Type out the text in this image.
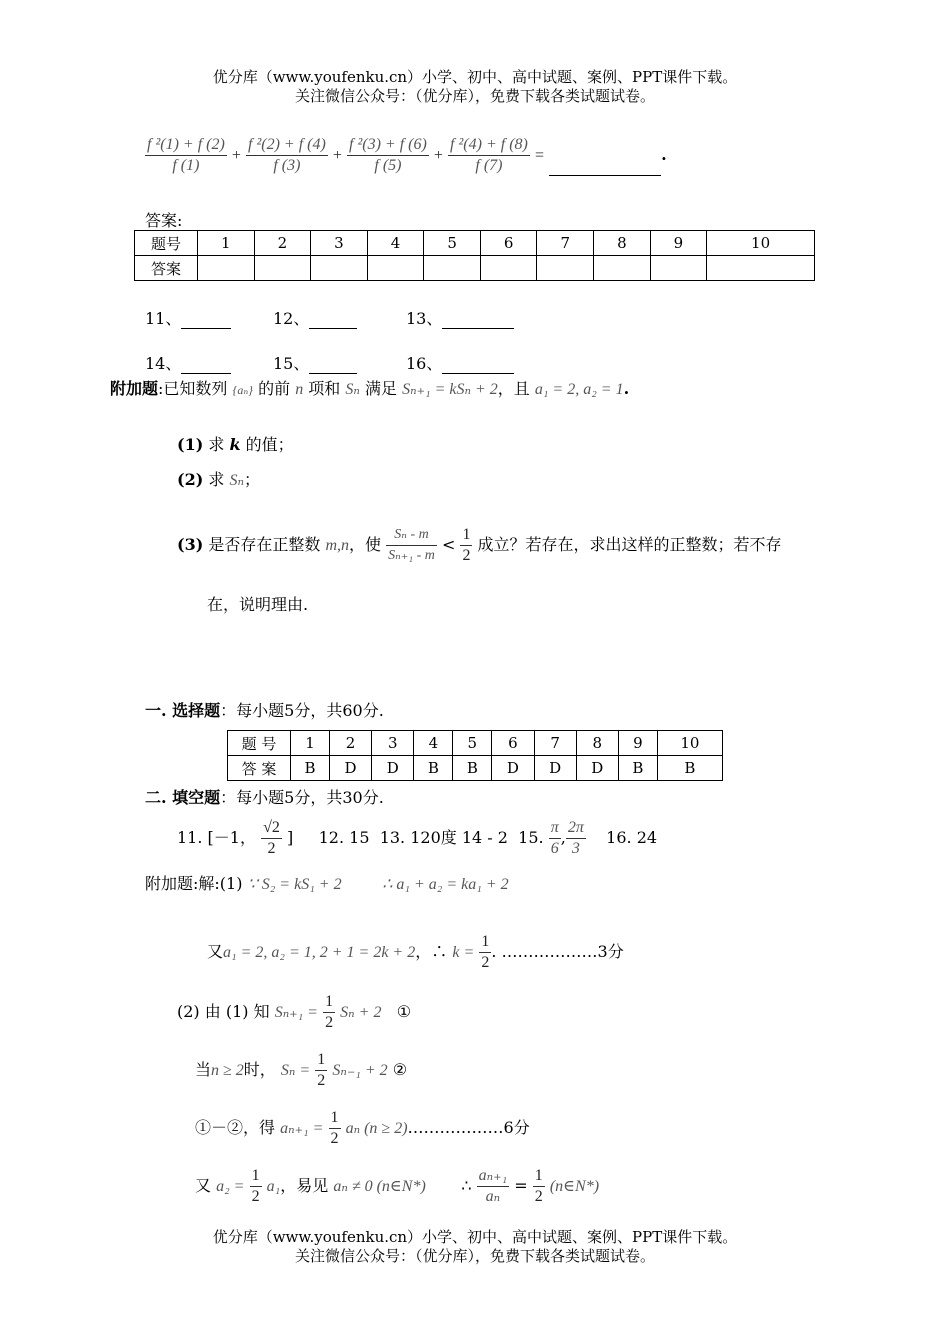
优分库（www.youfenku.cn）小学、初中、高中试题、案例、PPT课件下载。
关注微信公众号：（优分库），免费下载各类试题试卷。
$\frac{\text{f ²(1) + f (2)}}{f (1)} + \frac{\text{f ²(2) + f (4)}}{f (3)} + \frac{\text{f ²(3) + f (6)}}{f (5)} + \frac{\text{f ²(4) + f (8)}}{f (7)}$ =	.
答案:
题号	1	2	3	4	5	6	7	8	9	10
答案										
11、	12、	13、
14、	15、	16、
附加题:已知数列 {aₙ} 的前 n 项和 Sₙ 满足 Sₙ₊₁ = kSₙ + 2，且 a₁ = 2, a₂ = 1.
(1) 求 k 的值；
(2) 求 Sₙ；
(3) 是否存在正整数 m,n，使 $\frac{\text{Sₙ - m}}{\text{Sₙ₊₁ - m}} < \frac{1}{2}$ 成立？若存在，求出这样的正整数；若不存
在，说明理由.
一. 选择题：每小题5分，共60分.
题 号	1	2	3	4	5	6	7	8	9	10
答 案	B	D	D	B	B	D	D	D	B	B
二. 填空题：每小题5分，共30分.
11. [－1， $\frac{√2}{2}$ ] 12. 15 13. 120度 14 - 2 15. $\frac{\pi}{6}$ , $\frac{2\pi}{3} 16$. 24
附加题:解:(1) ∵ S₂ = kS₁ + 2	∴ a₁ + a₂ = ka₁ + 2
又a₁ = 2, a₂ = 1, 2 + 1 = 2k + 2，∴ $k = \frac{1}{2}$ . ………………3分
(2) 由 (1) 知 $S_{n+1} = \frac{1}{2}$ Sₙ + 2 ①
当n ≥ 2时， $S_n = \frac{1}{2} S_{n-1} + 2$ ②
①－②，得 $a_{n+1} = \frac{1}{2}$ aₙ (n ≥ 2)………………6分
又 $a_2 = \frac{1}{2} a_1$，易见 aₙ ≠ 0 (n∈N*) ∴ $\frac{\text{aₙ₊₁}}{\text{aₙ}} = \frac{1}{2}$ (n∈N*)
优分库（www.youfenku.cn）小学、初中、高中试题、案例、PPT课件下载。
关注微信公众号：（优分库），免费下载各类试题试卷。
